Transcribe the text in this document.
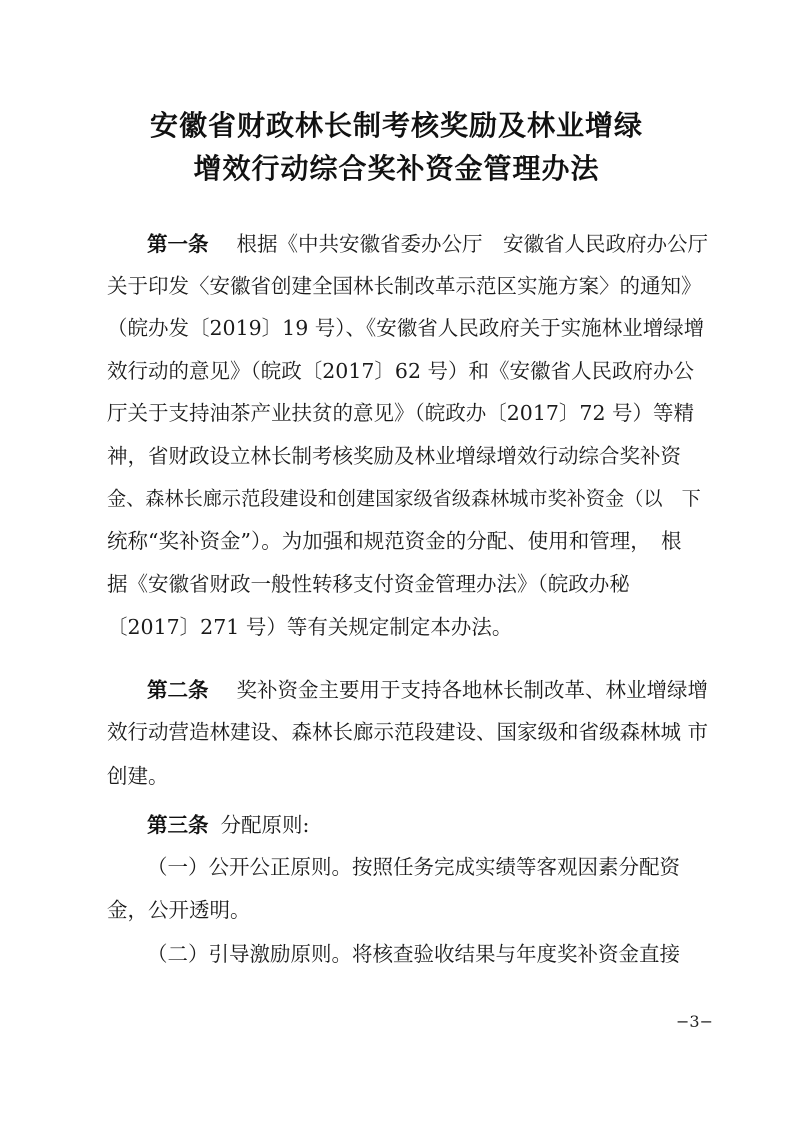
安徽省财政林长制考核奖励及林业增绿
增效行动综合奖补资金管理办法
第一条 根据《中共安徽省委办公厅　安徽省人民政府办公厅
关于印发〈安徽省创建全国林长制改革示范区实施方案〉的通知》
（皖办发〔2019〕19 号）、《安徽省人民政府关于实施林业增绿增
效行动的意见》（皖政〔2017〕62 号）和《安徽省人民政府办公
厅关于支持油茶产业扶贫的意见》（皖政办〔2017〕72 号）等精
神，省财政设立林长制考核奖励及林业增绿增效行动综合奖补资
金、森林长廊示范段建设和创建国家级省级森林城市奖补资金（以　下
统称“奖补资金”）。为加强和规范资金的分配、使用和管理，　根
据《安徽省财政一般性转移支付资金管理办法》（皖政办秘
〔2017〕271 号）等有关规定制定本办法。
第二条 奖补资金主要用于支持各地林长制改革、林业增绿增
效行动营造林建设、森林长廊示范段建设、国家级和省级森林城 市
创建。
第三条 分配原则:
（一）公开公正原则。按照任务完成实绩等客观因素分配资
金，公开透明。
（二）引导激励原则。将核查验收结果与年度奖补资金直接
−3−
